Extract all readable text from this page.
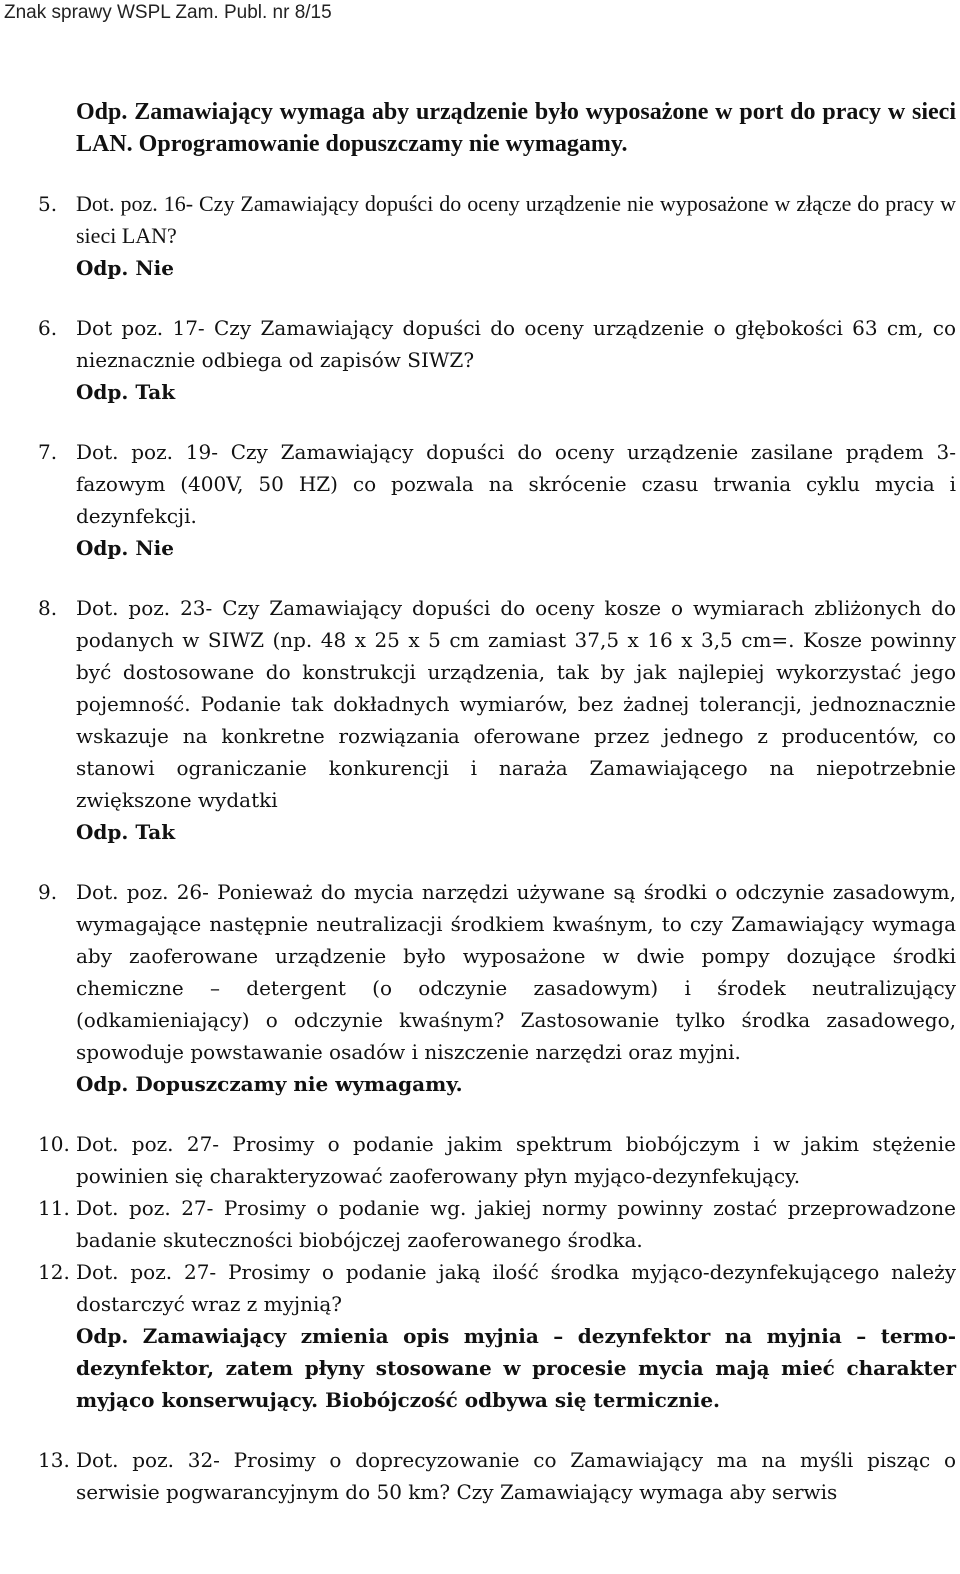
Znak sprawy WSPL Zam. Publ. nr 8/15
Odp. Zamawiający wymaga aby urządzenie było wyposażone w port do pracy w sieci LAN. Oprogramowanie dopuszczamy nie wymagamy.
5. Dot. poz. 16- Czy Zamawiający dopuści do oceny urządzenie nie wyposażone w złącze do pracy w sieci LAN?
Odp. Nie
6. Dot poz. 17- Czy Zamawiający dopuści do oceny urządzenie o głębokości 63 cm, co nieznacznie odbiega od zapisów SIWZ?
Odp. Tak
7. Dot. poz. 19- Czy Zamawiający dopuści do oceny urządzenie zasilane prądem 3-fazowym (400V, 50 HZ) co pozwala na skrócenie czasu trwania cyklu mycia i dezynfekcji.
Odp. Nie
8. Dot. poz. 23- Czy Zamawiający dopuści do oceny kosze o wymiarach zbliżonych do podanych w SIWZ (np. 48 x 25 x 5 cm zamiast 37,5 x 16 x 3,5 cm=. Kosze powinny być dostosowane do konstrukcji urządzenia, tak by jak najlepiej wykorzystać jego pojemność. Podanie tak dokładnych wymiarów, bez żadnej tolerancji, jednoznacznie wskazuje na konkretne rozwiązania oferowane przez jednego z producentów, co stanowi ograniczanie konkurencji i naraża Zamawiającego na niepotrzebnie zwiększone wydatki
Odp. Tak
9. Dot. poz. 26- Ponieważ do mycia narzędzi używane są środki o odczynie zasadowym, wymagające następnie neutralizacji środkiem kwaśnym, to czy Zamawiający wymaga aby zaoferowane urządzenie było wyposażone w dwie pompy dozujące środki chemiczne – detergent (o odczynie zasadowym) i środek neutralizujący (odkamieniający) o odczynie kwaśnym? Zastosowanie tylko środka zasadowego, spowoduje powstawanie osadów i niszczenie narzędzi oraz myjni.
Odp. Dopuszczamy nie wymagamy.
10. Dot. poz. 27- Prosimy o podanie jakim spektrum biobójczym i w jakim stężenie powinien się charakteryzować zaoferowany płyn myjąco-dezynfekujący.
11. Dot. poz. 27- Prosimy o podanie wg. jakiej normy powinny zostać przeprowadzone badanie skuteczności biobójczej zaoferowanego środka.
12. Dot. poz. 27- Prosimy o podanie jaką ilość środka myjąco-dezynfekującego należy dostarczyć wraz z myjnią?
Odp. Zamawiający zmienia opis myjnia – dezynfektor na myjnia – termo-dezynfektor, zatem płyny stosowane w procesie mycia mają mieć charakter myjąco konserwujący. Biobójczość odbywa się termicznie.
13. Dot. poz. 32- Prosimy o doprecyzowanie co Zamawiający ma na myśli pisząc o serwisie pogwarancyjnym do 50 km? Czy Zamawiający wymaga aby serwis
